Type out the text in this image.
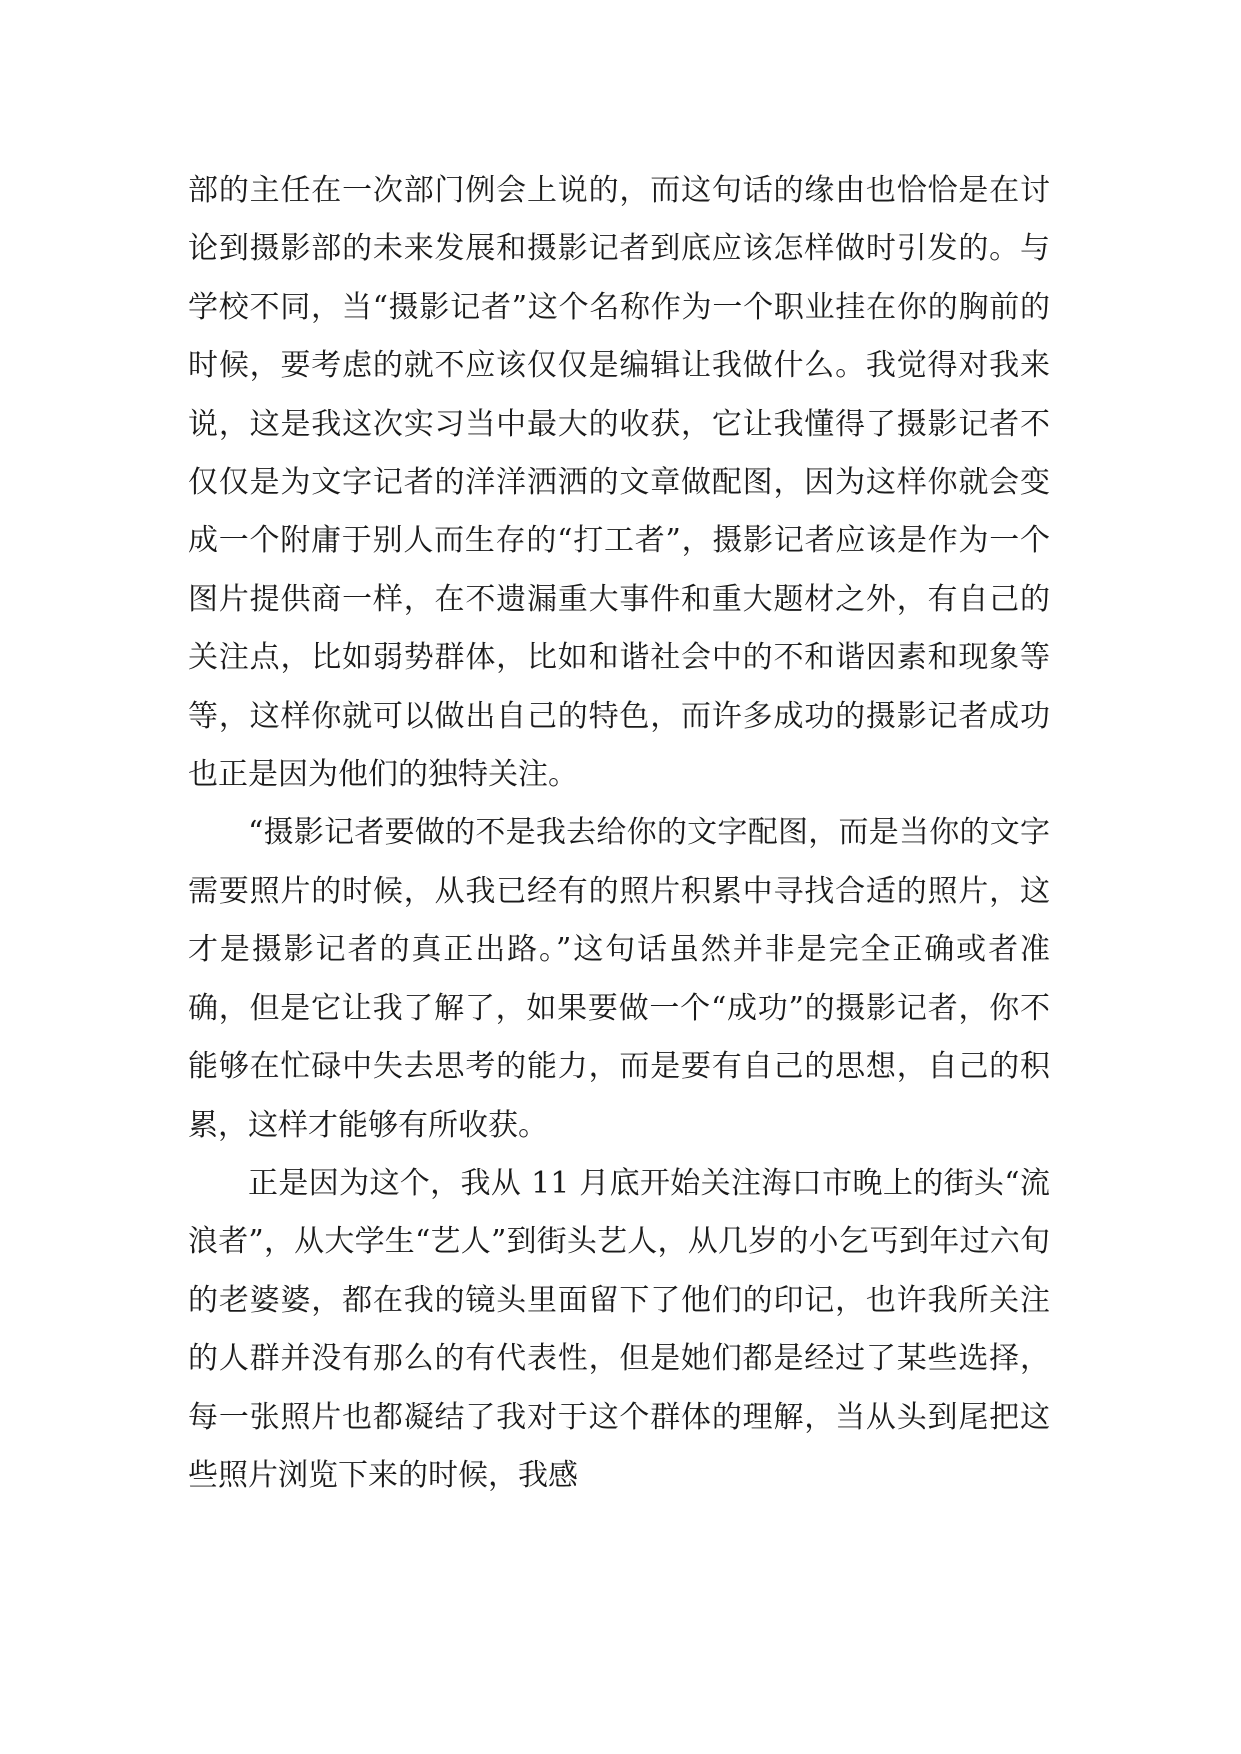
部的主任在一次部门例会上说的，而这句话的缘由也恰恰是在讨论到摄影部的未来发展和摄影记者到底应该怎样做时引发的。与学校不同，当“摄影记者”这个名称作为一个职业挂在你的胸前的时候，要考虑的就不应该仅仅是编辑让我做什么。我觉得对我来说，这是我这次实习当中最大的收获，它让我懂得了摄影记者不仅仅是为文字记者的洋洋洒洒的文章做配图，因为这样你就会变成一个附庸于别人而生存的“打工者”，摄影记者应该是作为一个图片提供商一样，在不遗漏重大事件和重大题材之外，有自己的关注点，比如弱势群体，比如和谐社会中的不和谐因素和现象等等，这样你就可以做出自己的特色，而许多成功的摄影记者成功也正是因为他们的独特关注。

“摄影记者要做的不是我去给你的文字配图，而是当你的文字需要照片的时候，从我已经有的照片积累中寻找合适的照片，这才是摄影记者的真正出路。”这句话虽然并非是完全正确或者准确，但是它让我了解了，如果要做一个“成功”的摄影记者，你不能够在忙碌中失去思考的能力，而是要有自己的思想，自己的积累，这样才能够有所收获。

正是因为这个，我从 11 月底开始关注海口市晚上的街头“流浪者”，从大学生“艺人”到街头艺人，从几岁的小乞丐到年过六旬的老婆婆，都在我的镜头里面留下了他们的印记，也许我所关注的人群并没有那么的有代表性，但是她们都是经过了某些选择，每一张照片也都凝结了我对于这个群体的理解，当从头到尾把这些照片浏览下来的时候，我感
